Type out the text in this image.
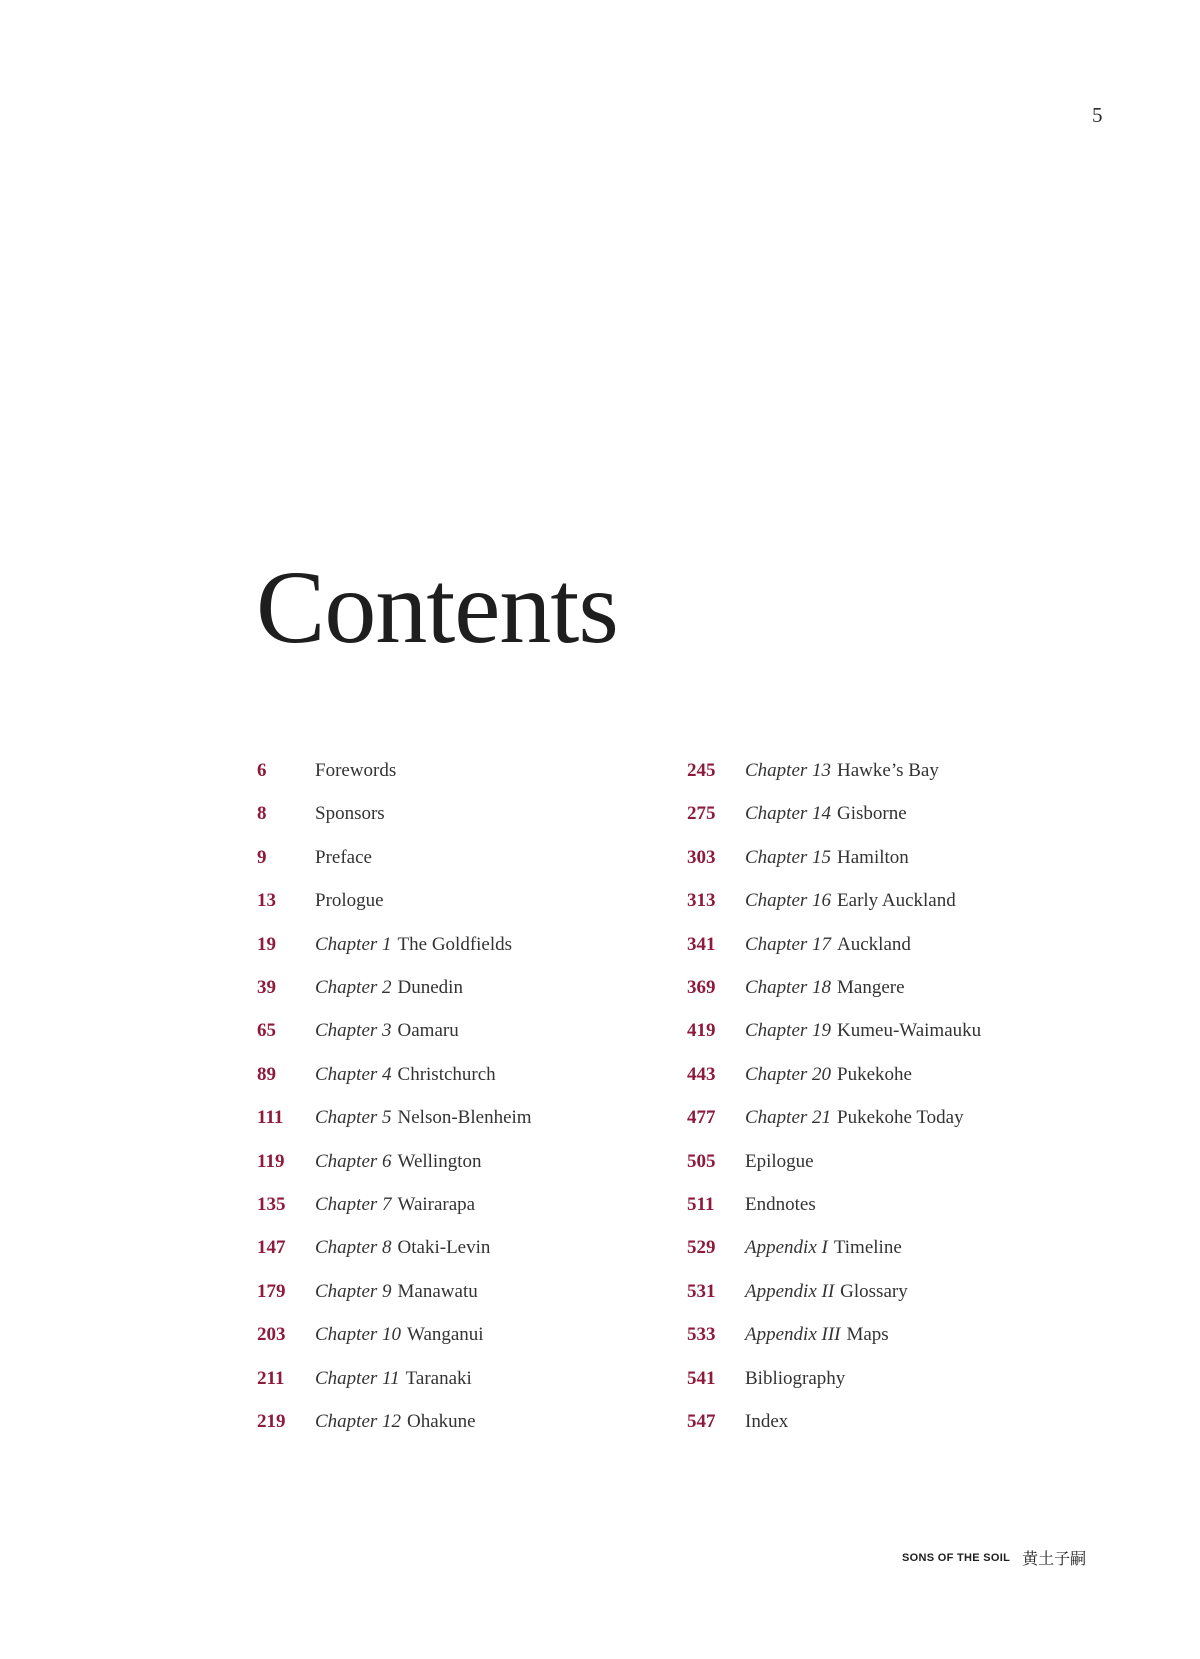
5
Contents
6	Forewords
8	Sponsors
9	Preface
13	Prologue
19	Chapter 1 The Goldfields
39	Chapter 2 Dunedin
65	Chapter 3 Oamaru
89	Chapter 4 Christchurch
111	Chapter 5 Nelson-Blenheim
119	Chapter 6 Wellington
135	Chapter 7 Wairarapa
147	Chapter 8 Otaki-Levin
179	Chapter 9 Manawatu
203	Chapter 10 Wanganui
211	Chapter 11 Taranaki
219	Chapter 12 Ohakune
245	Chapter 13 Hawke’s Bay
275	Chapter 14 Gisborne
303	Chapter 15 Hamilton
313	Chapter 16 Early Auckland
341	Chapter 17 Auckland
369	Chapter 18 Mangere
419	Chapter 19 Kumeu-Waimauku
443	Chapter 20 Pukekohe
477	Chapter 21 Pukekohe Today
505	Epilogue
511	Endnotes
529	Appendix I Timeline
531	Appendix II Glossary
533	Appendix III Maps
541	Bibliography
547	Index
SONS OF THE SOIL 黄土子嗣
